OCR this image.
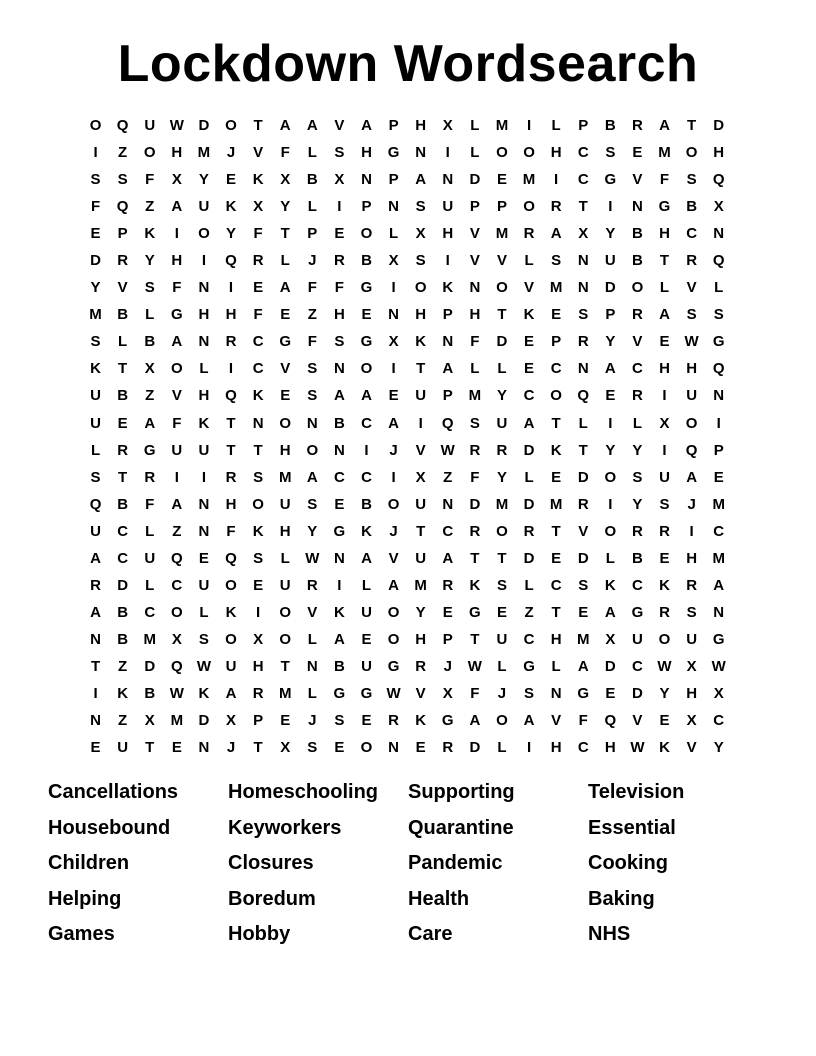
Lockdown Wordsearch
O	Q	U W D	O	T	A	A	V	A	P	H	X	L	M	I	L	P	B	R	A	T	D
I	Z	O	H	M	J	V	F	L	S	H	G	N	I	L	O	O	H	C	S	E	M	O	H
S	S	F	X	Y	E	K	X	B	X	N	P	A	N	D	E	M	I	C	G	V	F	S	Q
F	Q	Z	A	U	K	X	Y	L	I	P	N	S	U	P	P	O	R	T	I	N	G	B	X
E	P	K	I	O	Y	F	T	P	E	O	L	X	H	V	M	R	A	X	Y	B	H	C	N
D	R	Y	H	I	Q	R	L	J	R	B	X	S	I	V	V	L	S	N	U	B	T	R	Q
Y	V	S	F	N	I	E	A	F	F	G	I	O	K	N	O	V	M	N	D	O	L	V	L
M	B	L	G	H	H	F	E	Z	H	E	N	H	P	H	T	K	E	S	P	R	A	S	S
S	L	B	A	N	R	C	G	F	S	G	X	K	N	F	D	E	P	R	Y	V	E	W G
K	T	X	O	L	I	C	V	S	N	O	I	T	A	L	L	E	C	N	A	C	H	H	Q
U	B	Z	V	H	Q	K	E	S	A	A	E	U	P	M	Y	C	O	Q	E	R	I	U	N
U	E	A	F	K	T	N	O	N	B	C	A	I	Q	S	U	A	T	L	I	L	X	O	I
L	R	G	U	U	T	T	H	O	N	I	J	V	W R	R	D	K	T	Y	Y	I	Q	P
S	T	R	I	I	R	S	M	A	C	C	I	X	Z	F	Y	L	E	D	O	S	U	A	E
Q	B	F	A	N	H	O	U	S	E	B	O	U	N	D	M	D	M	R	I	Y	S	J	M
U	C	L	Z	N	F	K	H	Y	G	K	J	T	C	R	O	R	T	V	O	R	R	I	C
A	C	U	Q	E	Q	S	L	W N	A	V	U	A	T	T	D	E	D	L	B	E	H	M
R	D	L	C	U	O	E	U	R	I	L	A	M	R	K	S	L	C	S	K	C	K	R	A
A	B	C	O	L	K	I	O	V	K	U	O	Y	E	G	E	Z	T	E	A	G	R	S	N
N	B	M	X	S	O	X	O	L	A	E	O	H	P	T	U	C	H	M	X	U	O	U	G
T	Z	D	Q W U	H	T	N	B	U	G	R	J	W	L	G	L	A	D	C W	X	W
I	K	B W K	A	R	M	L	G	G W	V	X	F	J	S	N	G	E	D	Y	H	X
N	Z	X	M	D	X	P	E	J	S	E	R	K	G	A	O	A	V	F	Q	V	E	X	C
E	U	T	E	N	J	T	X	S	E	O	N	E	R	D	L	I	H	C	H W K	V	Y
Cancellations	Homeschooling	Supporting	Television
Housebound	Keyworkers	Quarantine	Essential
Children	Closures	Pandemic	Cooking
Helping	Boredum	Health	Baking
Games	Hobby	Care	NHS
